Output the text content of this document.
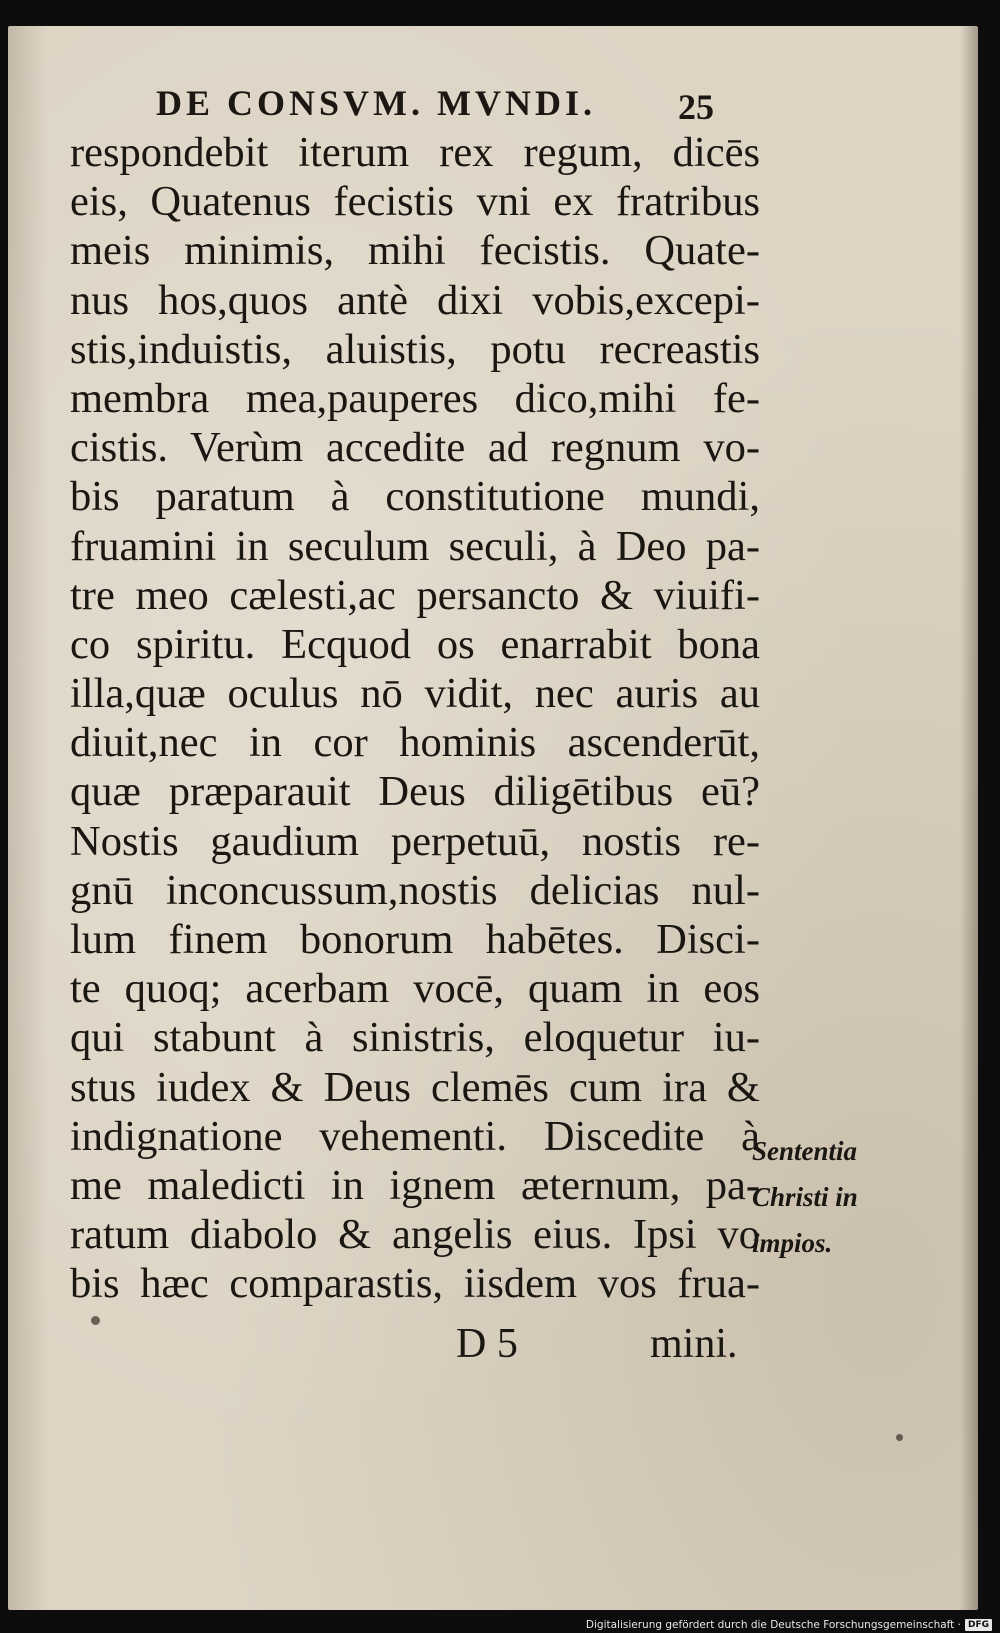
DE CONSVM. MVNDI. 25
respondebit iterum rex regum, dicēs
eis, Quatenus fecistis vni ex fratribus
meis minimis, mihi fecistis. Quate-
nus hos,quos antè dixi vobis,excepi-
stis,induistis, aluistis, potu recreastis
membra mea,pauperes dico,mihi fe-
cistis. Verùm accedite ad regnum vo-
bis paratum à constitutione mundi,
fruamini in seculum seculi, à Deo pa-
tre meo cælesti,ac persancto & viuifi-
co spiritu. Ecquod os enarrabit bona
illa,quæ oculus nō vidit, nec auris au
diuit,nec in cor hominis ascenderūt,
quæ præparauit Deus diligētibus eū?
Nostis gaudium perpetuū, nostis re-
gnū inconcussum,nostis delicias nul-
lum finem bonorum habētes. Disci-
te quoq; acerbam vocē, quam in eos
qui stabunt à sinistris, eloquetur iu-
stus iudex & Deus clemēs cum ira &
indignatione vehementi. Discedite à
me maledicti in ignem æternum, pa-
ratum diabolo & angelis eius. Ipsi vo
bis hæc comparastis, iisdem vos frua-
Sententia
Christi in
impios.
D 5	mini.
Digitalisierung gefördert durch die Deutsche Forschungsgemeinschaft · DFG
